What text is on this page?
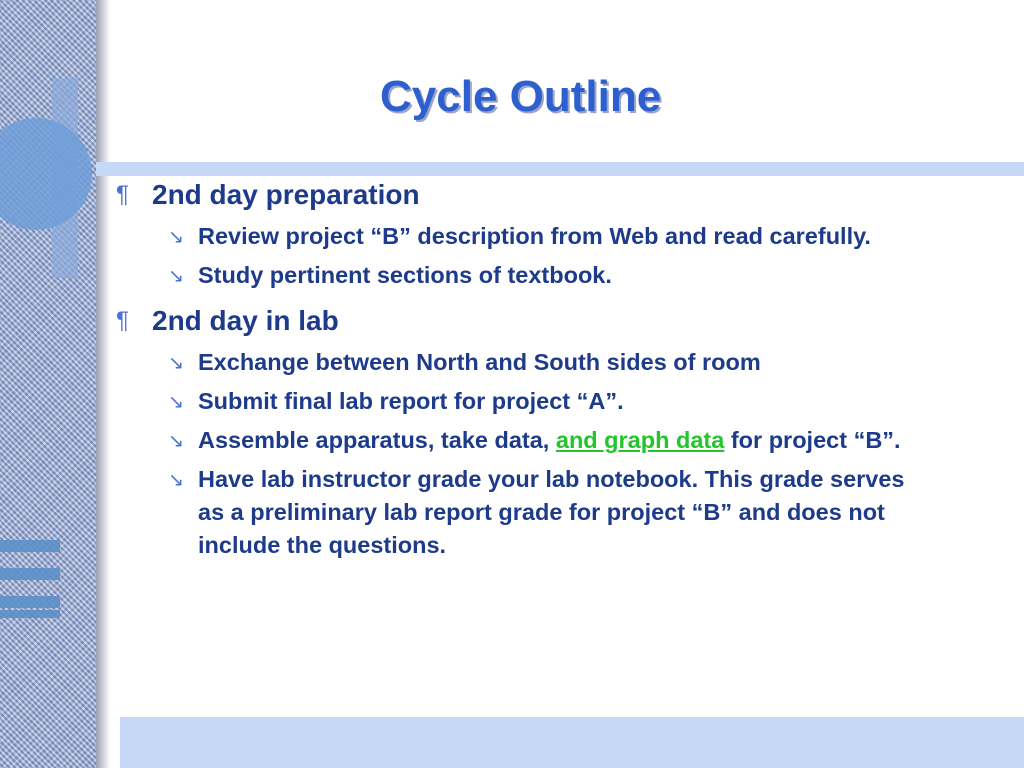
Cycle Outline
¶ 2nd day preparation
↘ Review project “B” description from Web and read carefully.
↘ Study pertinent sections of textbook.
¶ 2nd day in lab
↘ Exchange between North and South sides of room
↘ Submit final lab report for project “A”.
↘ Assemble apparatus, take data, and graph data for project “B”.
↘ Have lab instructor grade your lab notebook. This grade serves as a preliminary lab report grade for project “B” and does not include the questions.
